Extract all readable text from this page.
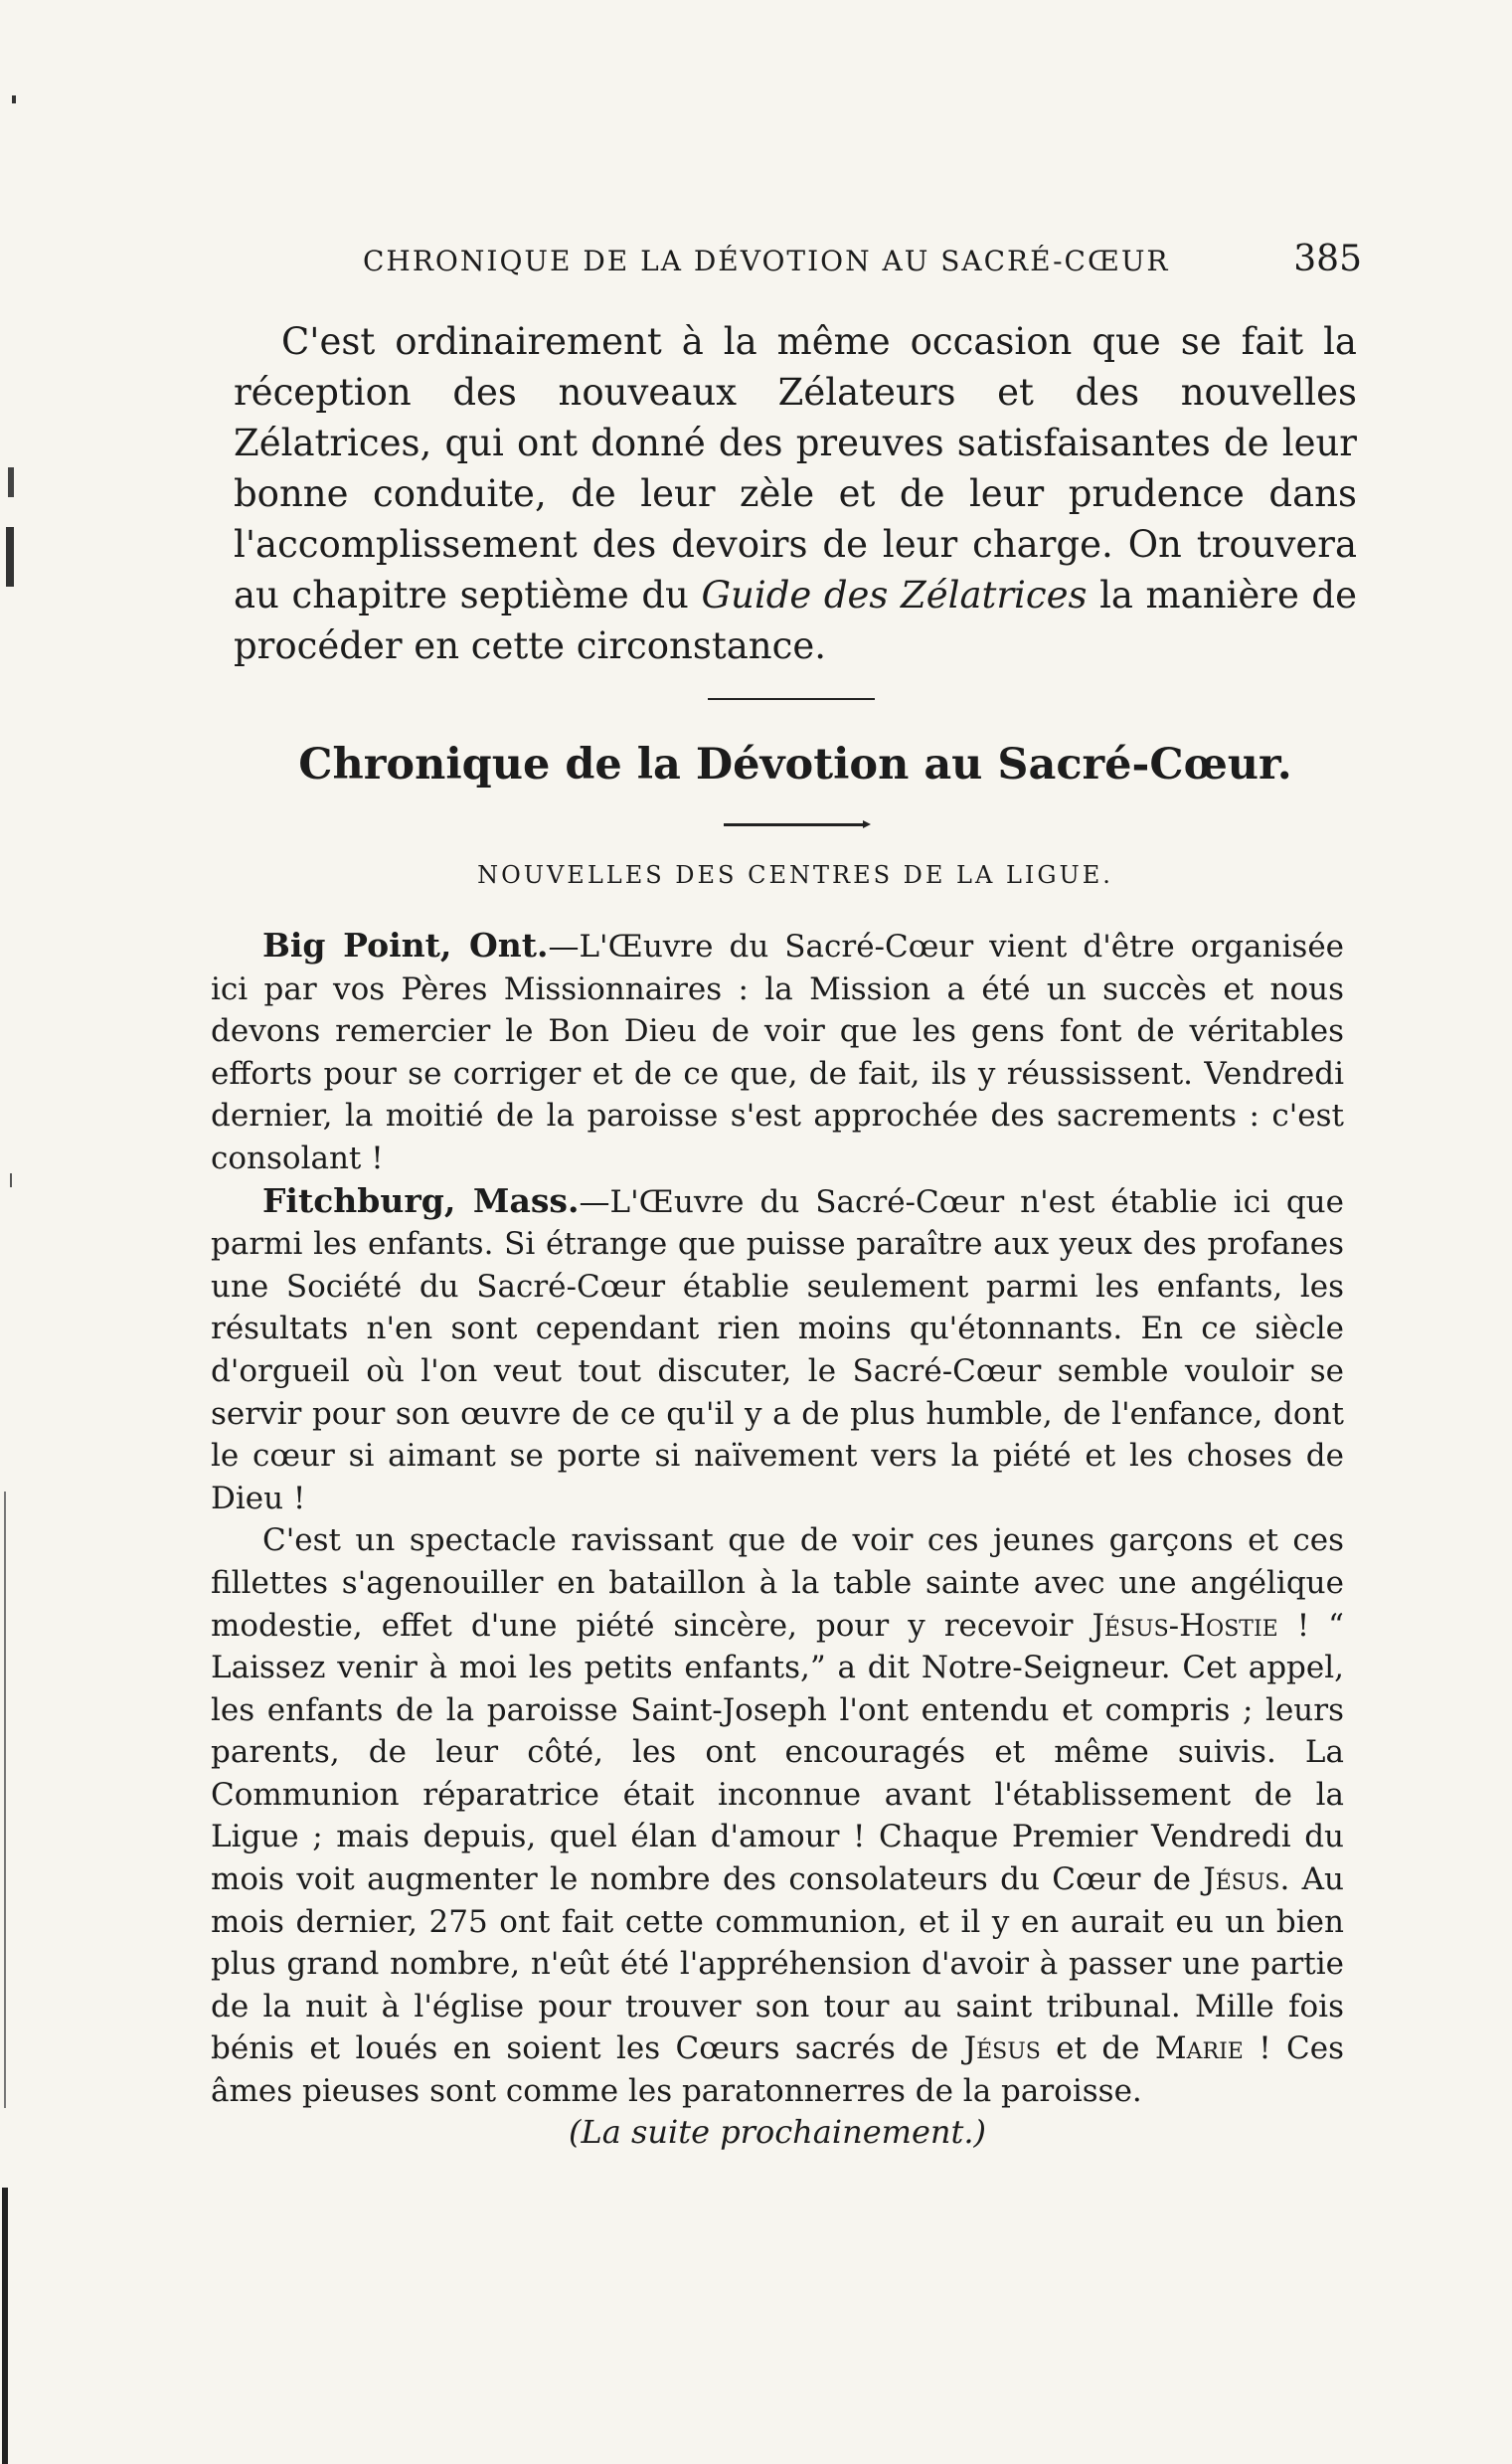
CHRONIQUE DE LA DÉVOTION AU SACRÉ-CŒUR	385

C'est ordinairement à la même occasion que se fait la réception des nouveaux Zélateurs et des nouvelles Zélatrices, qui ont donné des preuves satisfaisantes de leur bonne conduite, de leur zèle et de leur prudence dans l'accomplissement des devoirs de leur charge. On trouvera au chapitre septième du Guide des Zélatrices la manière de procéder en cette circonstance.

Chronique de la Dévotion au Sacré-Cœur.

NOUVELLES DES CENTRES DE LA LIGUE.

Big Point, Ont.—L'Œuvre du Sacré-Cœur vient d'être organisée ici par vos Pères Missionnaires : la Mission a été un succès et nous devons remercier le Bon Dieu de voir que les gens font de véritables efforts pour se corriger et de ce que, de fait, ils y réussissent. Vendredi dernier, la moitié de la paroisse s'est approchée des sacrements : c'est consolant !

Fitchburg, Mass.—L'Œuvre du Sacré-Cœur n'est établie ici que parmi les enfants. Si étrange que puisse paraître aux yeux des profanes une Société du Sacré-Cœur établie seulement parmi les enfants, les résultats n'en sont cependant rien moins qu'étonnants. En ce siècle d'orgueil où l'on veut tout discuter, le Sacré-Cœur semble vouloir se servir pour son œuvre de ce qu'il y a de plus humble, de l'enfance, dont le cœur si aimant se porte si naïvement vers la piété et les choses de Dieu !

C'est un spectacle ravissant que de voir ces jeunes garçons et ces fillettes s'agenouiller en bataillon à la table sainte avec une angélique modestie, effet d'une piété sincère, pour y recevoir Jésus-Hostie ! “ Laissez venir à moi les petits enfants,” a dit Notre-Seigneur. Cet appel, les enfants de la paroisse Saint-Joseph l'ont entendu et compris ; leurs parents, de leur côté, les ont encouragés et même suivis. La Communion réparatrice était inconnue avant l'établissement de la Ligue ; mais depuis, quel élan d'amour ! Chaque Premier Vendredi du mois voit augmenter le nombre des consolateurs du Cœur de Jésus. Au mois dernier, 275 ont fait cette communion, et il y en aurait eu un bien plus grand nombre, n'eût été l'appréhension d'avoir à passer une partie de la nuit à l'église pour trouver son tour au saint tribunal. Mille fois bénis et loués en soient les Cœurs sacrés de Jésus et de Marie ! Ces âmes pieuses sont comme les paratonnerres de la paroisse.

(La suite prochainement.)
